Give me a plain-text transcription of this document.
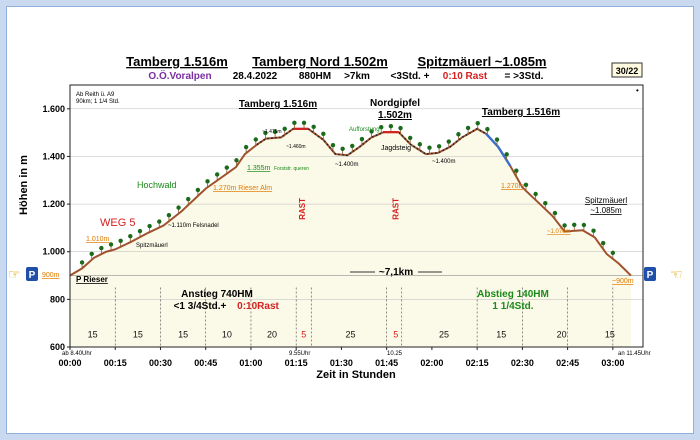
Tamberg 1.516m Tamberg Nord 1.502m Spitzmäuerl ~1.085m
O.Ö.Voralpen 28.4.2022 880HM >7km <3Std. + 0:10 Rast = >3Std.	30/22
600
800
1.000
1.200
1.400
1.600
00:00 00:15 00:30 00:45 01:00 01:15 01:30 01:45 02:00 02:15 02:30 02:45 03:00
15	15	15	10	20	5	25	5	25	15	20	15
RAST	RAST
Ab Reith ü. A9
90km; 1 1/4 Std.
•
Tamberg 1.516m	Nordgipfel
1.502m	Tamberg 1.516m
Spitzmäuerl
~1.085m
WEG 5
Hochwald	1.270m Rieser Alm
1.355m Forststr. queren
Aufforstung
Jagdsteig
~1.110m Felsnadel
1.010m
Spitzmäuerl
~1.475m
~1.460m
~1.400m	~1.400m
1.270m
~1.070m
~900m
P Rieser
900m
Anstieg 740HM
<1 3/4Std.+ 0:10Rast
~7,1km
Abstieg 140HM
1 1/4Std.
ab 8.40Uhr	9.55Uhr	10.25	an 11.45Uhr
☞ P	P ☜
Höhen in m
Zeit in Stunden
